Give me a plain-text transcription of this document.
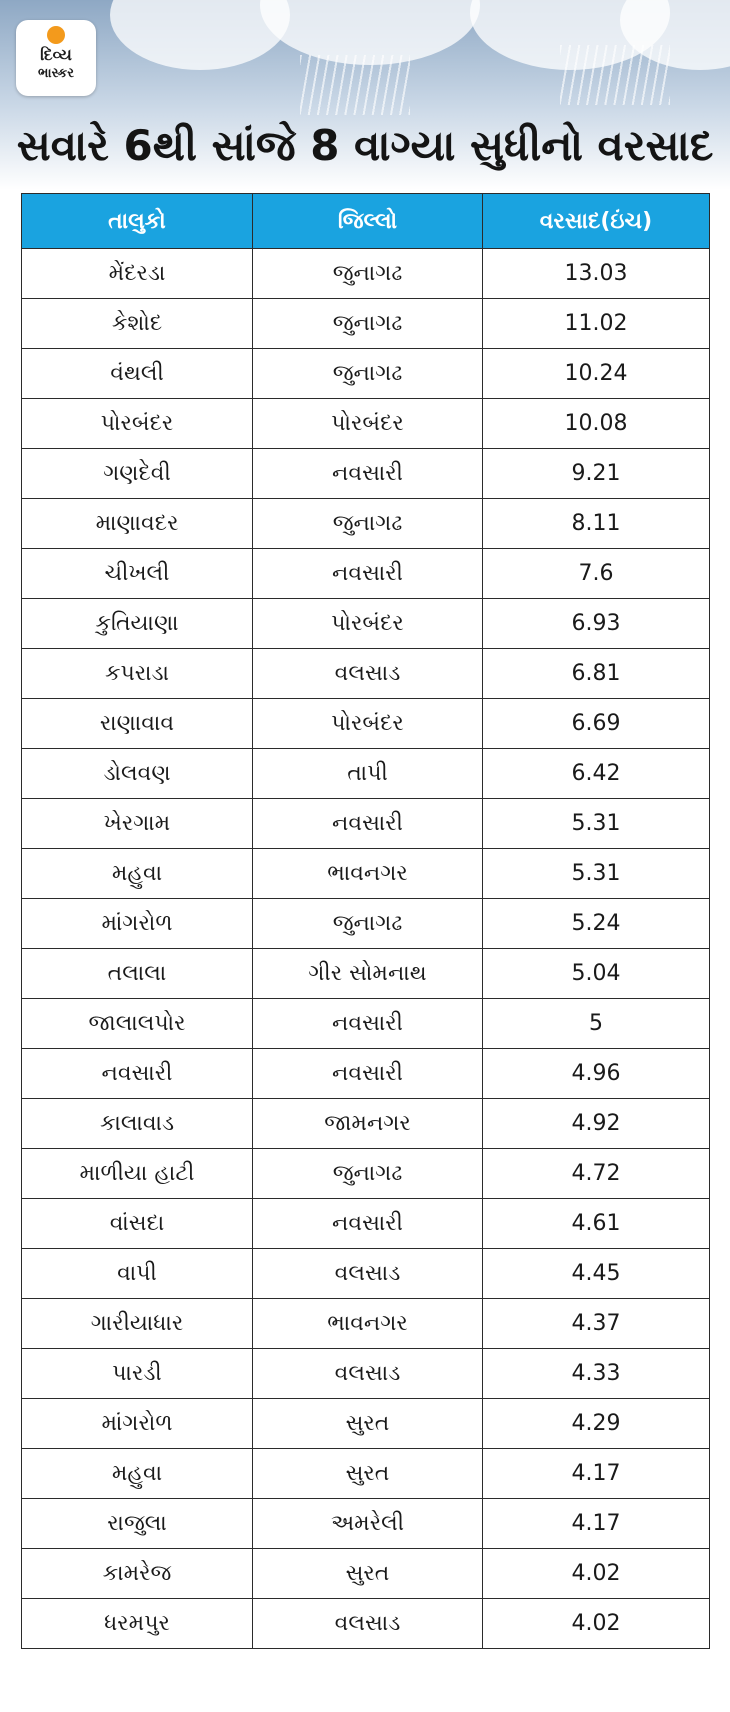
દિવ્ય
ભાસ્કર
સવારે 6થી સાંજે 8 વાગ્યા સુધીનો વરસાદ
તાલુકો	જિલ્લો	વરસાદ(ઇંચ)
મેંદરડા	જુનાગઢ	13.03
કેશોદ	જુનાગઢ	11.02
વંથલી	જુનાગઢ	10.24
પોરબંદર	પોરબંદર	10.08
ગણદેવી	નવસારી	9.21
માણાવદર	જુનાગઢ	8.11
ચીખલી	નવસારી	7.6
કુતિયાણા	પોરબંદર	6.93
કપરાડા	વલસાડ	6.81
રાણાવાવ	પોરબંદર	6.69
ડોલવણ	તાપી	6.42
ખેરગામ	નવસારી	5.31
મહુવા	ભાવનગર	5.31
માંગરોળ	જુનાગઢ	5.24
તલાલા	ગીર સોમનાથ	5.04
જાલાલપોર	નવસારી	5
નવસારી	નવસારી	4.96
કાલાવાડ	જામનગર	4.92
માળીયા હાટી	જુનાગઢ	4.72
વાંસદા	નવસારી	4.61
વાપી	વલસાડ	4.45
ગારીયાધાર	ભાવનગર	4.37
પારડી	વલસાડ	4.33
માંગરોળ	સુરત	4.29
મહુવા	સુરત	4.17
રાજુલા	અમરેલી	4.17
કામરેજ	સુરત	4.02
ધરમપુર	વલસાડ	4.02
